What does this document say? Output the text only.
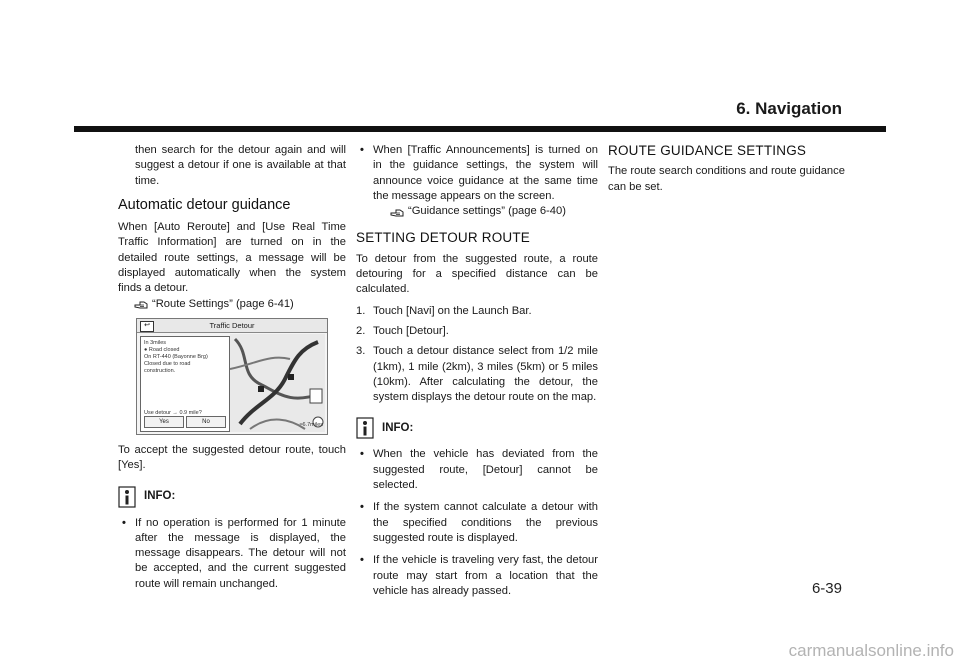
6. Navigation

then search for the detour again and will suggest a detour if one is available at that time.

Automatic detour guidance

When [Auto Reroute] and [Use Real Time Traffic Information] are turned on in the detailed route settings, a message will be displayed automatically when the system finds a detour.

“Route Settings” (page 6-41)
Traffic Detour
↩
In 3miles
● Road closed
On RT-440 (Bayonne Brg)
Closed due to road
construction.
Use detour → 0.9 mile?
Yes	No	≈6.7miles

To accept the suggested detour route, touch [Yes].

INFO:
• If no operation is performed for 1 minute after the message is displayed, the message disappears. The detour will not be accepted, and the current suggested route will remain unchanged.
• When [Traffic Announcements] is turned on in the guidance settings, the system will announce voice guidance at the same time the message appears on the screen.
“Guidance settings” (page 6-40)
SETTING DETOUR ROUTE

To detour from the suggested route, a route detouring for a specified distance can be calculated.

1. Touch [Navi] on the Launch Bar.
2. Touch [Detour].
3. Touch a detour distance select from 1/2 mile (1km), 1 mile (2km), 3 miles (5km) or 5 miles (10km). After calculating the detour, the system displays the detour route on the map.
INFO:
• When the vehicle has deviated from the suggested route, [Detour] cannot be selected.
• If the system cannot calculate a detour with the specified conditions the previous suggested route is displayed.
• If the vehicle is traveling very fast, the detour route may start from a location that the vehicle has already passed.
ROUTE GUIDANCE SETTINGS

The route search conditions and route guidance can be set.

6-39
carmanualsonline.info
